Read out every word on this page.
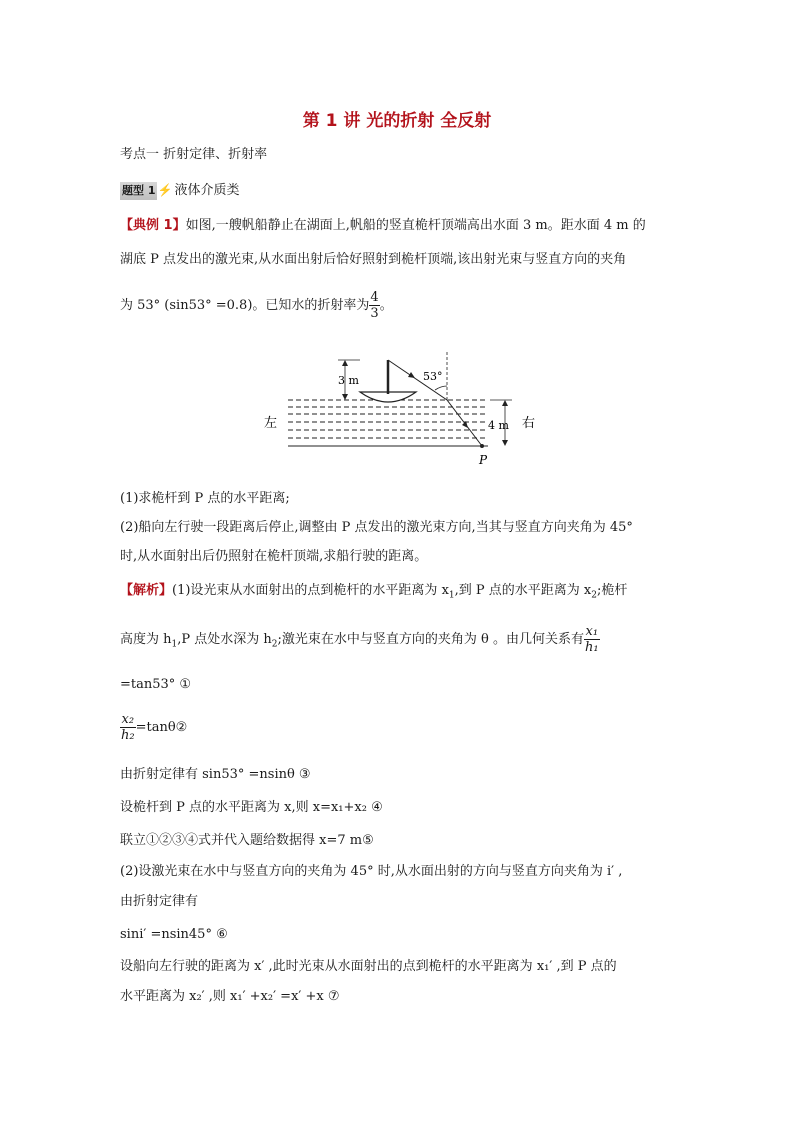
第 1 讲 光的折射 全反射
考点一 折射定律、折射率
题型 1 ⚡ 液体介质类
【典例 1】如图,一艘帆船静止在湖面上,帆船的竖直桅杆顶端高出水面 3 m。距水面 4 m 的
湖底 P 点发出的激光束,从水面出射后恰好照射到桅杆顶端,该出射光束与竖直方向的夹角
为 53° (sin53° =0.8)。已知水的折射率为 $\frac{4}{3}$ 。
3 m	53°
4 m
左	右
P
(1)求桅杆到 P 点的水平距离;
(2)船向左行驶一段距离后停止,调整由 P 点发出的激光束方向,当其与竖直方向夹角为 45°
时,从水面射出后仍照射在桅杆顶端,求船行驶的距离。
【解析】(1)设光束从水面射出的点到桅杆的水平距离为 $x_1$,到 P 点的水平距离为 $x_2$;桅杆
高度为 $h_1,P$ 点处水深为 $h_2$;激光束在水中与竖直方向的夹角为 θ 。由几何关系有 $\frac{\text{x₁}}{\text{h₁}}$
=tan53° ①
$\frac{\text{x₂}}{\text{h₂}}$ =tanθ②
由折射定律有 sin53° =nsinθ ③
设桅杆到 P 点的水平距离为 x,则 x=x₁+x₂ ④
联立①②③④式并代入题给数据得 x=7 m⑤
(2)设激光束在水中与竖直方向的夹角为 45° 时,从水面出射的方向与竖直方向夹角为 i′ ,
由折射定律有
sini′ =nsin45° ⑥
设船向左行驶的距离为 x′ ,此时光束从水面射出的点到桅杆的水平距离为 x₁′ ,到 P 点的
水平距离为 x₂′ ,则 x₁′ +x₂′ =x′ +x ⑦
